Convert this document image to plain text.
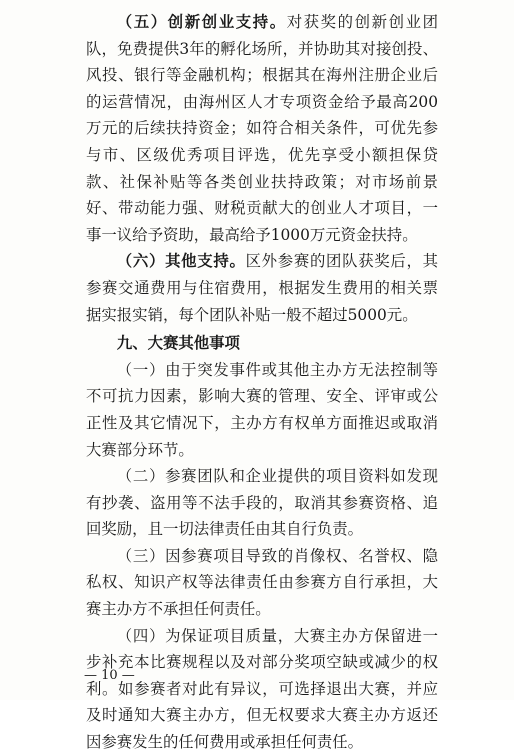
（五）创新创业支持。对获奖的创新创业团队，免费提供3年的孵化场所，并协助其对接创投、风投、银行等金融机构；根据其在海州注册企业后的运营情况，由海州区人才专项资金给予最高200万元的后续扶持资金；如符合相关条件，可优先参与市、区级优秀项目评选，优先享受小额担保贷款、社保补贴等各类创业扶持政策；对市场前景好、带动能力强、财税贡献大的创业人才项目，一事一议给予资助，最高给予1000万元资金扶持。

（六）其他支持。区外参赛的团队获奖后，其参赛交通费用与住宿费用，根据发生费用的相关票据实报实销，每个团队补贴一般不超过5000元。

九、大赛其他事项

（一）由于突发事件或其他主办方无法控制等不可抗力因素，影响大赛的管理、安全、评审或公正性及其它情况下，主办方有权单方面推迟或取消大赛部分环节。

（二）参赛团队和企业提供的项目资料如发现有抄袭、盗用等不法手段的，取消其参赛资格、追回奖励，且一切法律责任由其自行负责。

（三）因参赛项目导致的肖像权、名誉权、隐私权、知识产权等法律责任由参赛方自行承担，大赛主办方不承担任何责任。

（四）为保证项目质量，大赛主办方保留进一步补充本比赛规程以及对部分奖项空缺或减少的权利。如参赛者对此有异议，可选择退出大赛，并应及时通知大赛主办方，但无权要求大赛主办方返还因参赛发生的任何费用或承担任何责任。

— 10 —
